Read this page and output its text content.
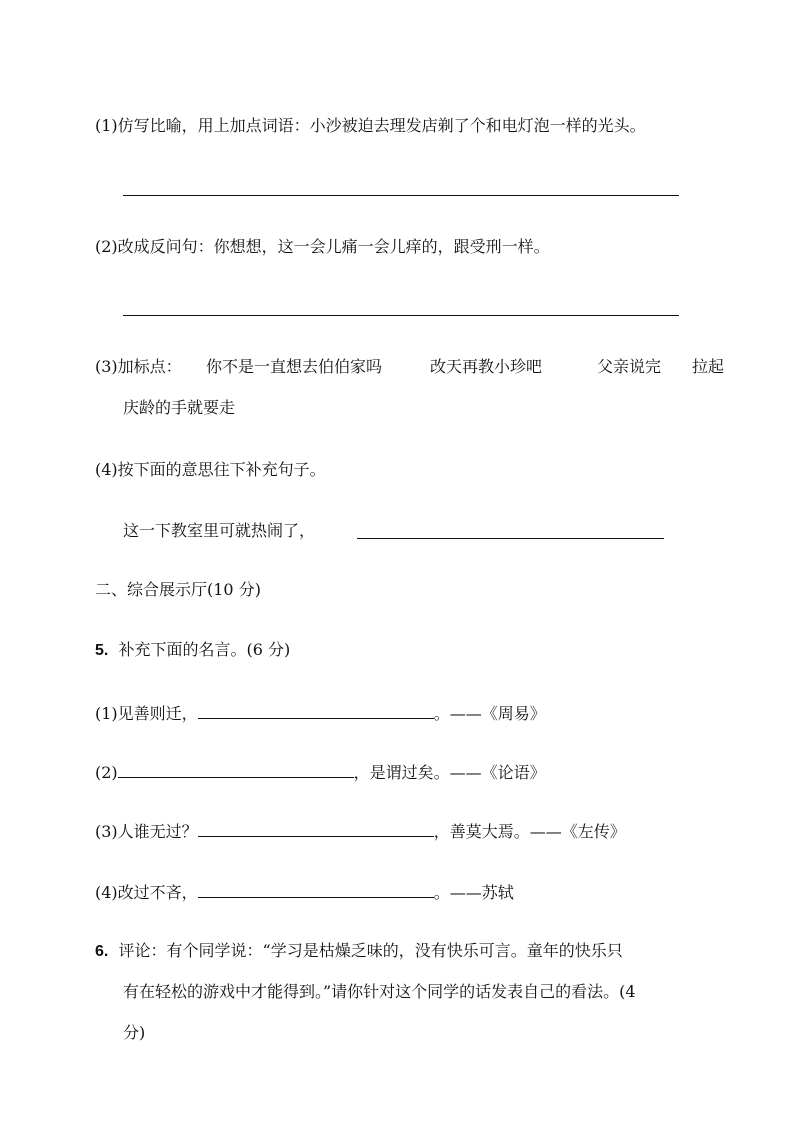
(1)仿写比喻，用上加点词语：小沙被迫去理发店剃了个和电灯泡一样的光头。
(2)改成反问句：你想想，这一会儿痛一会儿痒的，跟受刑一样。
(3)加标点： 你不是一直想去伯伯家吗	改天再教小珍吧	父亲说完 拉起
庆龄的手就要走
(4)按下面的意思往下补充句子。
这一下教室里可就热闹了，
二、综合展示厅(10 分)
5. 补充下面的名言。(6 分)
(1)见善则迁，	。——《周易》
(2)	，是谓过矣。——《论语》
(3)人谁无过？	，善莫大焉。——《左传》
(4)改过不吝，	。——苏轼
6. 评论：有个同学说：“学习是枯燥乏味的，没有快乐可言。童年的快乐只
有在轻松的游戏中才能得到。”请你针对这个同学的话发表自己的看法。(4
分)
